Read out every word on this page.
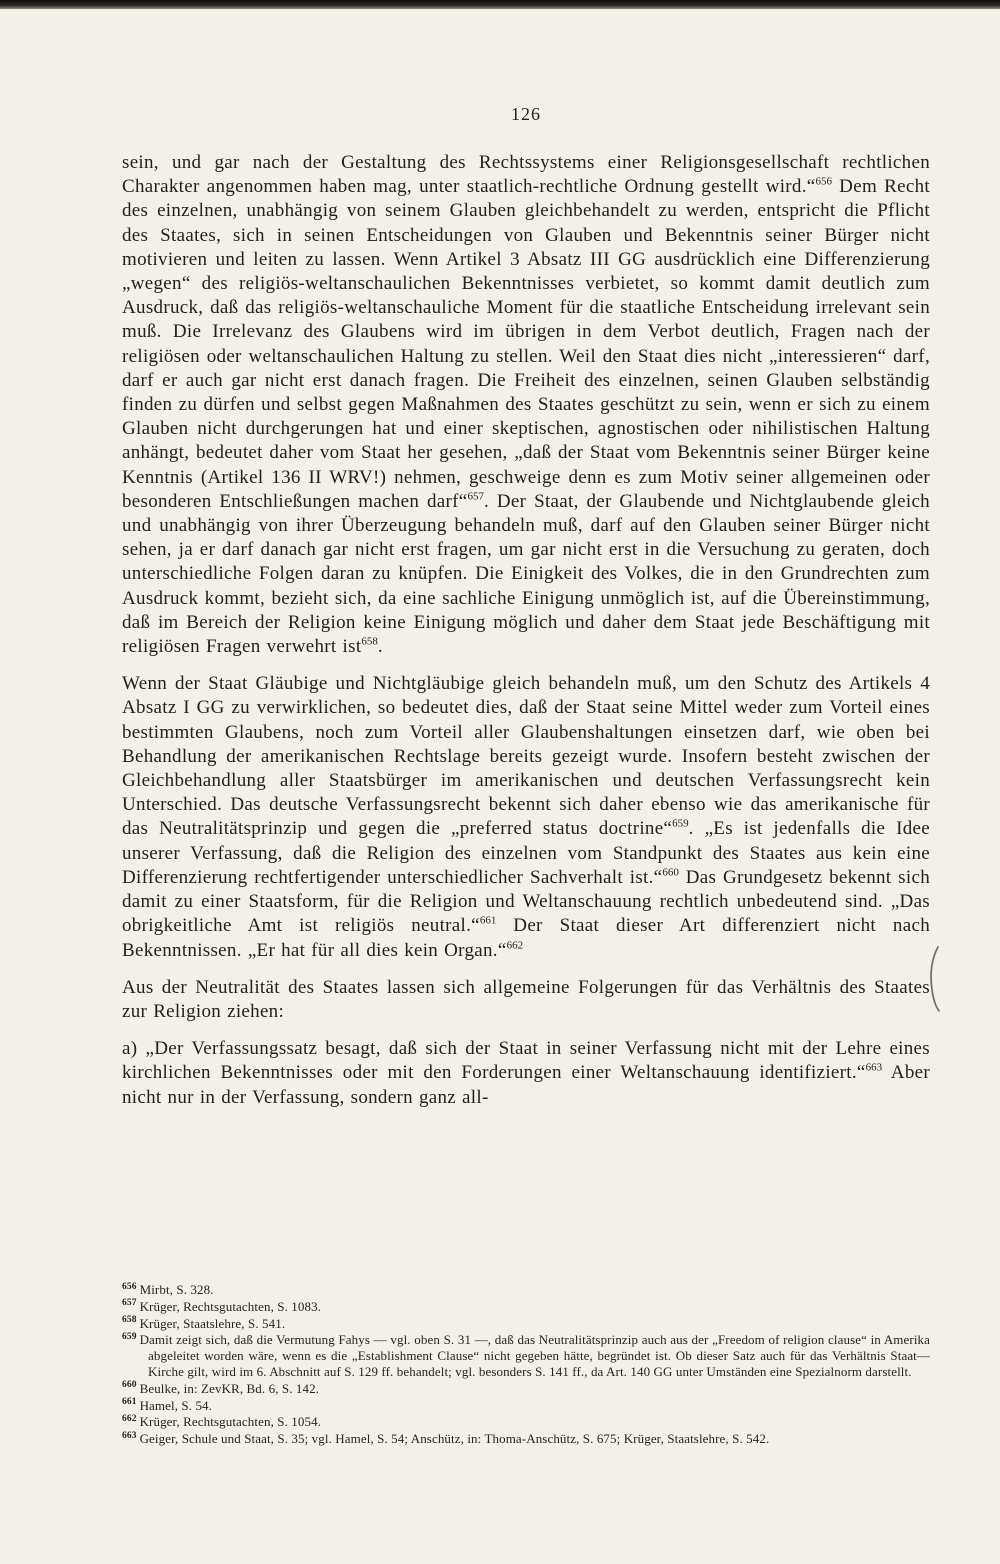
126

sein, und gar nach der Gestaltung des Rechtssystems einer Religionsgesellschaft rechtlichen Charakter angenommen haben mag, unter staatlich-rechtliche Ordnung gestellt wird.“$^{656}$ Dem Recht des einzelnen, unabhängig von seinem Glauben gleichbehandelt zu werden, entspricht die Pflicht des Staates, sich in seinen Entscheidungen von Glauben und Bekenntnis seiner Bürger nicht motivieren und leiten zu lassen. Wenn Artikel 3 Absatz III GG ausdrücklich eine Differenzierung „wegen“ des religiös-weltanschaulichen Bekenntnisses verbietet, so kommt damit deutlich zum Ausdruck, daß das religiös-weltanschauliche Moment für die staatliche Entscheidung irrelevant sein muß. Die Irrelevanz des Glaubens wird im übrigen in dem Verbot deutlich, Fragen nach der religiösen oder weltanschaulichen Haltung zu stellen. Weil den Staat dies nicht „interessieren“ darf, darf er auch gar nicht erst danach fragen. Die Freiheit des einzelnen, seinen Glauben selbständig finden zu dürfen und selbst gegen Maßnahmen des Staates geschützt zu sein, wenn er sich zu einem Glauben nicht durchgerungen hat und einer skeptischen, agnostischen oder nihilistischen Haltung anhängt, bedeutet daher vom Staat her gesehen, „daß der Staat vom Bekenntnis seiner Bürger keine Kenntnis (Artikel 136 II WRV!) nehmen, geschweige denn es zum Motiv seiner allgemeinen oder besonderen Entschließungen machen darf“$^{657}$. Der Staat, der Glaubende und Nichtglaubende gleich und unabhängig von ihrer Überzeugung behandeln muß, darf auf den Glauben seiner Bürger nicht sehen, ja er darf danach gar nicht erst fragen, um gar nicht erst in die Versuchung zu geraten, doch unterschiedliche Folgen daran zu knüpfen. Die Einigkeit des Volkes, die in den Grundrechten zum Ausdruck kommt, bezieht sich, da eine sachliche Einigung unmöglich ist, auf die Übereinstimmung, daß im Bereich der Religion keine Einigung möglich und daher dem Staat jede Beschäftigung mit religiösen Fragen verwehrt ist$^{658}$.

Wenn der Staat Gläubige und Nichtgläubige gleich behandeln muß, um den Schutz des Artikels 4 Absatz I GG zu verwirklichen, so bedeutet dies, daß der Staat seine Mittel weder zum Vorteil eines bestimmten Glaubens, noch zum Vorteil aller Glaubenshaltungen einsetzen darf, wie oben bei Behandlung der amerikanischen Rechtslage bereits gezeigt wurde. Insofern besteht zwischen der Gleichbehandlung aller Staatsbürger im amerikanischen und deutschen Verfassungsrecht kein Unterschied. Das deutsche Verfassungsrecht bekennt sich daher ebenso wie das amerikanische für das Neutralitätsprinzip und gegen die „preferred status doctrine“$^{659}$. „Es ist jedenfalls die Idee unserer Verfassung, daß die Religion des einzelnen vom Standpunkt des Staates aus kein eine Differenzierung rechtfertigender unterschiedlicher Sachverhalt ist.“$^{660}$ Das Grundgesetz bekennt sich damit zu einer Staatsform, für die Religion und Weltanschauung rechtlich unbedeutend sind. „Das obrigkeitliche Amt ist religiös neutral.“$^{661}$ Der Staat dieser Art differenziert nicht nach Bekenntnissen. „Er hat für all dies kein Organ.“$^{662}$

Aus der Neutralität des Staates lassen sich allgemeine Folgerungen für das Verhältnis des Staates zur Religion ziehen:

a) „Der Verfassungssatz besagt, daß sich der Staat in seiner Verfassung nicht mit der Lehre eines kirchlichen Bekenntnisses oder mit den Forderungen einer Weltanschauung identifiziert.“$^{663}$ Aber nicht nur in der Verfassung, sondern ganz all-

$^{656}$ Mirbt, S. 328.
$^{657}$ Krüger, Rechtsgutachten, S. 1083.
$^{658}$ Krüger, Staatslehre, S. 541.
$^{659}$ Damit zeigt sich, daß die Vermutung Fahys — vgl. oben S. 31 —, daß das Neutralitätsprinzip auch aus der „Freedom of religion clause“ in Amerika abgeleitet worden wäre, wenn es die „Establishment Clause“ nicht gegeben hätte, begründet ist. Ob dieser Satz auch für das Verhältnis Staat—Kirche gilt, wird im 6. Abschnitt auf S. 129 ff. behandelt; vgl. besonders S. 141 ff., da Art. 140 GG unter Umständen eine Spezialnorm darstellt.
$^{660}$ Beulke, in: ZevKR, Bd. 6, S. 142.
$^{661}$ Hamel, S. 54.
$^{662}$ Krüger, Rechtsgutachten, S. 1054.
$^{663}$ Geiger, Schule und Staat, S. 35; vgl. Hamel, S. 54; Anschütz, in: Thoma-Anschütz, S. 675; Krüger, Staatslehre, S. 542.
